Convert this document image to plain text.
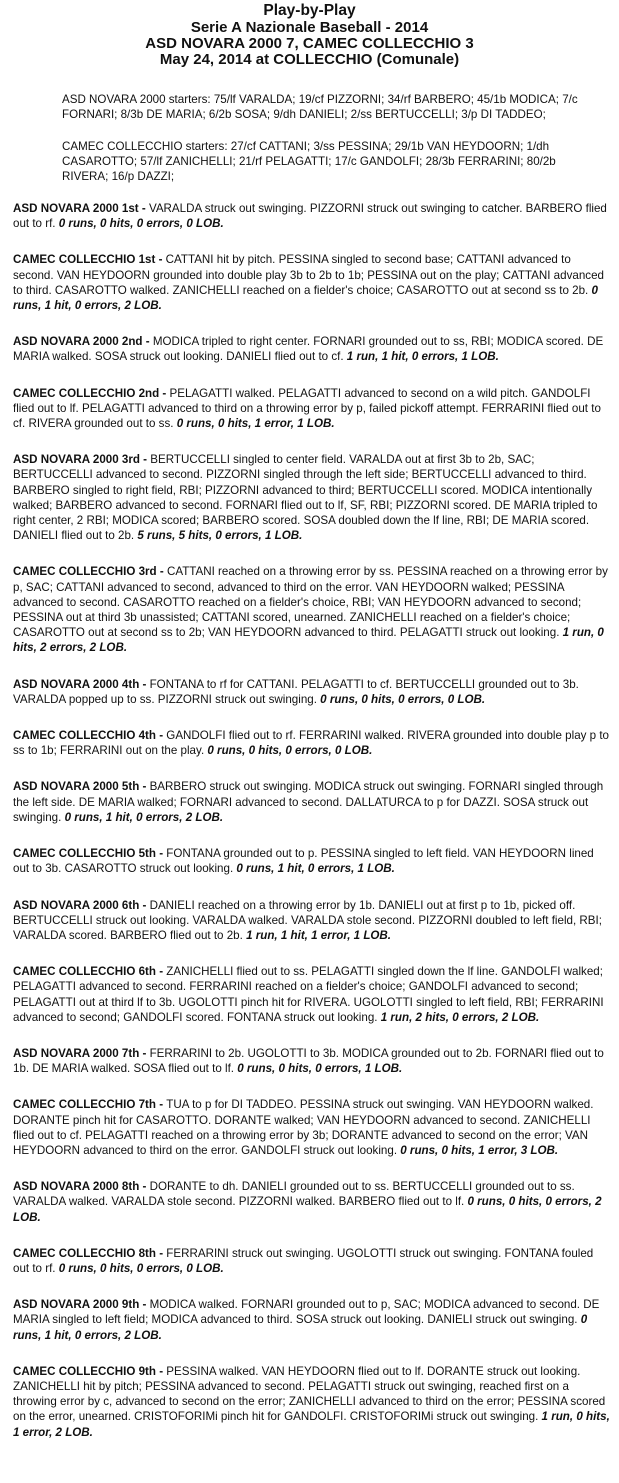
Play-by-Play

Serie A Nazionale Baseball - 2014

ASD NOVARA 2000 7, CAMEC COLLECCHIO 3

May 24, 2014 at COLLECCHIO (Comunale)

ASD NOVARA 2000 starters: 75/lf VARALDA; 19/cf PIZZORNI; 34/rf BARBERO; 45/1b MODICA; 7/c FORNARI; 8/3b DE MARIA; 6/2b SOSA; 9/dh DANIELI; 2/ss BERTUCCELLI; 3/p DI TADDEO;

CAMEC COLLECCHIO starters: 27/cf CATTANI; 3/ss PESSINA; 29/1b VAN HEYDOORN; 1/dh CASAROTTO; 57/lf ZANICHELLI; 21/rf PELAGATTI; 17/c GANDOLFI; 28/3b FERRARINI; 80/2b RIVERA; 16/p DAZZI;

ASD NOVARA 2000 1st - VARALDA struck out swinging. PIZZORNI struck out swinging to catcher. BARBERO flied out to rf. 0 runs, 0 hits, 0 errors, 0 LOB.

CAMEC COLLECCHIO 1st - CATTANI hit by pitch. PESSINA singled to second base; CATTANI advanced to second. VAN HEYDOORN grounded into double play 3b to 2b to 1b; PESSINA out on the play; CATTANI advanced to third. CASAROTTO walked. ZANICHELLI reached on a fielder's choice; CASAROTTO out at second ss to 2b. 0 runs, 1 hit, 0 errors, 2 LOB.

ASD NOVARA 2000 2nd - MODICA tripled to right center. FORNARI grounded out to ss, RBI; MODICA scored. DE MARIA walked. SOSA struck out looking. DANIELI flied out to cf. 1 run, 1 hit, 0 errors, 1 LOB.

CAMEC COLLECCHIO 2nd - PELAGATTI walked. PELAGATTI advanced to second on a wild pitch. GANDOLFI flied out to lf. PELAGATTI advanced to third on a throwing error by p, failed pickoff attempt. FERRARINI flied out to cf. RIVERA grounded out to ss. 0 runs, 0 hits, 1 error, 1 LOB.

ASD NOVARA 2000 3rd - BERTUCCELLI singled to center field. VARALDA out at first 3b to 2b, SAC; BERTUCCELLI advanced to second. PIZZORNI singled through the left side; BERTUCCELLI advanced to third. BARBERO singled to right field, RBI; PIZZORNI advanced to third; BERTUCCELLI scored. MODICA intentionally walked; BARBERO advanced to second. FORNARI flied out to lf, SF, RBI; PIZZORNI scored. DE MARIA tripled to right center, 2 RBI; MODICA scored; BARBERO scored. SOSA doubled down the lf line, RBI; DE MARIA scored. DANIELI flied out to 2b. 5 runs, 5 hits, 0 errors, 1 LOB.

CAMEC COLLECCHIO 3rd - CATTANI reached on a throwing error by ss. PESSINA reached on a throwing error by p, SAC; CATTANI advanced to second, advanced to third on the error. VAN HEYDOORN walked; PESSINA advanced to second. CASAROTTO reached on a fielder's choice, RBI; VAN HEYDOORN advanced to second; PESSINA out at third 3b unassisted; CATTANI scored, unearned. ZANICHELLI reached on a fielder's choice; CASAROTTO out at second ss to 2b; VAN HEYDOORN advanced to third. PELAGATTI struck out looking. 1 run, 0 hits, 2 errors, 2 LOB.

ASD NOVARA 2000 4th - FONTANA to rf for CATTANI. PELAGATTI to cf. BERTUCCELLI grounded out to 3b. VARALDA popped up to ss. PIZZORNI struck out swinging. 0 runs, 0 hits, 0 errors, 0 LOB.

CAMEC COLLECCHIO 4th - GANDOLFI flied out to rf. FERRARINI walked. RIVERA grounded into double play p to ss to 1b; FERRARINI out on the play. 0 runs, 0 hits, 0 errors, 0 LOB.

ASD NOVARA 2000 5th - BARBERO struck out swinging. MODICA struck out swinging. FORNARI singled through the left side. DE MARIA walked; FORNARI advanced to second. DALLATURCA to p for DAZZI. SOSA struck out swinging. 0 runs, 1 hit, 0 errors, 2 LOB.

CAMEC COLLECCHIO 5th - FONTANA grounded out to p. PESSINA singled to left field. VAN HEYDOORN lined out to 3b. CASAROTTO struck out looking. 0 runs, 1 hit, 0 errors, 1 LOB.

ASD NOVARA 2000 6th - DANIELI reached on a throwing error by 1b. DANIELI out at first p to 1b, picked off. BERTUCCELLI struck out looking. VARALDA walked. VARALDA stole second. PIZZORNI doubled to left field, RBI; VARALDA scored. BARBERO flied out to 2b. 1 run, 1 hit, 1 error, 1 LOB.

CAMEC COLLECCHIO 6th - ZANICHELLI flied out to ss. PELAGATTI singled down the lf line. GANDOLFI walked; PELAGATTI advanced to second. FERRARINI reached on a fielder's choice; GANDOLFI advanced to second; PELAGATTI out at third lf to 3b. UGOLOTTI pinch hit for RIVERA. UGOLOTTI singled to left field, RBI; FERRARINI advanced to second; GANDOLFI scored. FONTANA struck out looking. 1 run, 2 hits, 0 errors, 2 LOB.

ASD NOVARA 2000 7th - FERRARINI to 2b. UGOLOTTI to 3b. MODICA grounded out to 2b. FORNARI flied out to 1b. DE MARIA walked. SOSA flied out to lf. 0 runs, 0 hits, 0 errors, 1 LOB.

CAMEC COLLECCHIO 7th - TUA to p for DI TADDEO. PESSINA struck out swinging. VAN HEYDOORN walked. DORANTE pinch hit for CASAROTTO. DORANTE walked; VAN HEYDOORN advanced to second. ZANICHELLI flied out to cf. PELAGATTI reached on a throwing error by 3b; DORANTE advanced to second on the error; VAN HEYDOORN advanced to third on the error. GANDOLFI struck out looking. 0 runs, 0 hits, 1 error, 3 LOB.

ASD NOVARA 2000 8th - DORANTE to dh. DANIELI grounded out to ss. BERTUCCELLI grounded out to ss. VARALDA walked. VARALDA stole second. PIZZORNI walked. BARBERO flied out to lf. 0 runs, 0 hits, 0 errors, 2 LOB.

CAMEC COLLECCHIO 8th - FERRARINI struck out swinging. UGOLOTTI struck out swinging. FONTANA fouled out to rf. 0 runs, 0 hits, 0 errors, 0 LOB.

ASD NOVARA 2000 9th - MODICA walked. FORNARI grounded out to p, SAC; MODICA advanced to second. DE MARIA singled to left field; MODICA advanced to third. SOSA struck out looking. DANIELI struck out swinging. 0 runs, 1 hit, 0 errors, 2 LOB.

CAMEC COLLECCHIO 9th - PESSINA walked. VAN HEYDOORN flied out to lf. DORANTE struck out looking. ZANICHELLI hit by pitch; PESSINA advanced to second. PELAGATTI struck out swinging, reached first on a throwing error by c, advanced to second on the error; ZANICHELLI advanced to third on the error; PESSINA scored on the error, unearned. CRISTOFORIMi pinch hit for GANDOLFI. CRISTOFORIMi struck out swinging. 1 run, 0 hits, 1 error, 2 LOB.
